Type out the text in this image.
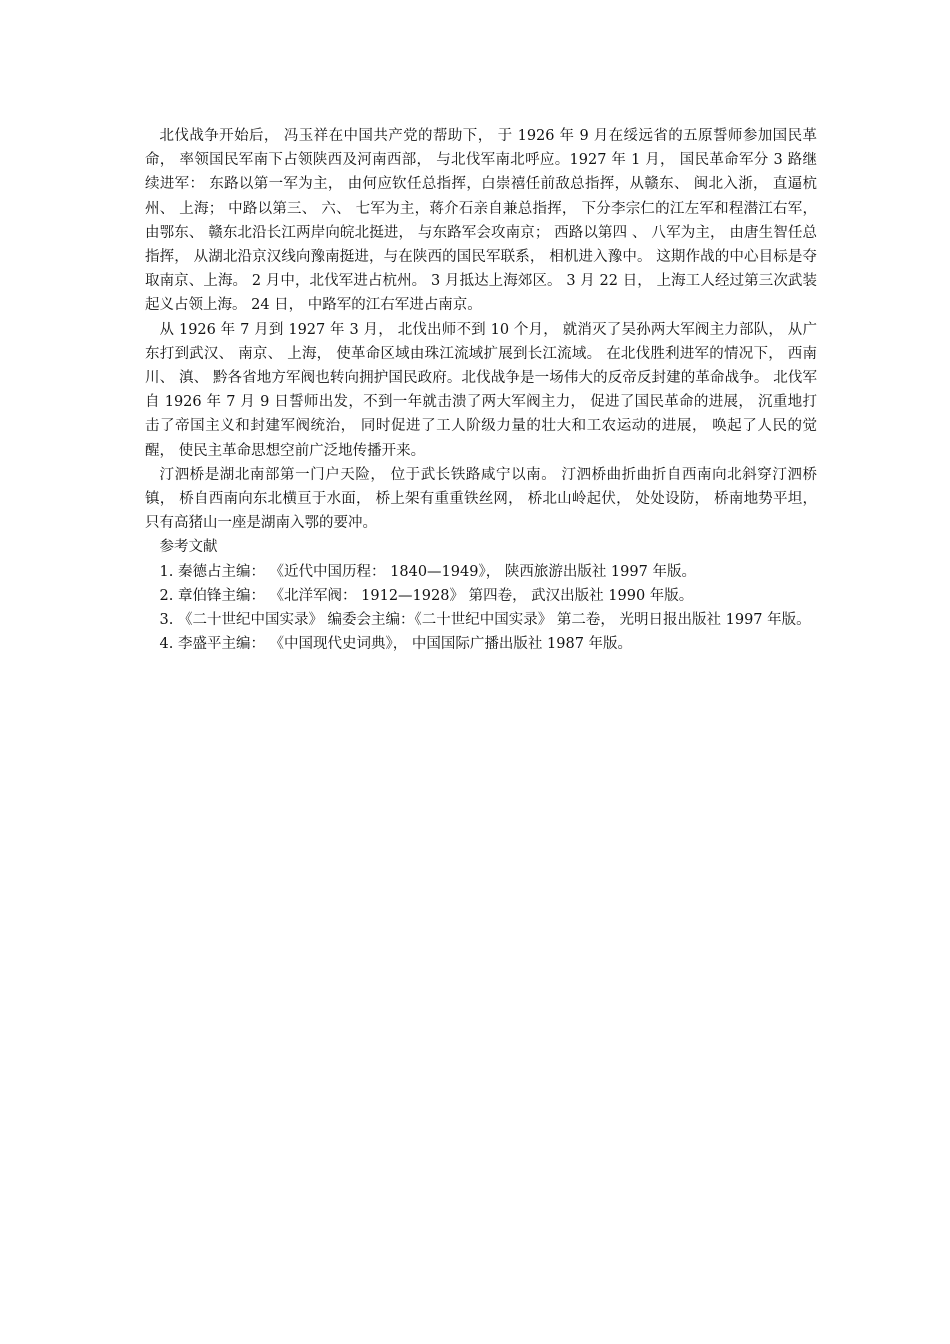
北伐战争开始后， 冯玉祥在中国共产党的帮助下， 于 1926 年 9 月在绥远省的五原誓师参加国民革命， 率领国民军南下占领陕西及河南西部， 与北伐军南北呼应。1927 年 1 月， 国民革命军分 3 路继续进军： 东路以第一军为主， 由何应钦任总指挥，白崇禧任前敌总指挥，从赣东、 闽北入浙， 直逼杭州、 上海； 中路以第三、 六、 七军为主，蒋介石亲自兼总指挥， 下分李宗仁的江左军和程潜江右军， 由鄂东、 赣东北沿长江两岸向皖北挺进， 与东路军会攻南京； 西路以第四 、 八军为主， 由唐生智任总指挥， 从湖北沿京汉线向豫南挺进，与在陕西的国民军联系， 相机进入豫中。 这期作战的中心目标是夺取南京、上海。 2 月中，北伐军进占杭州。 3 月抵达上海郊区。 3 月 22 日， 上海工人经过第三次武装起义占领上海。 24 日， 中路军的江右军进占南京。

从 1926 年 7 月到 1927 年 3 月， 北伐出师不到 10 个月， 就消灭了吴孙两大军阀主力部队， 从广东打到武汉、 南京、 上海， 使革命区域由珠江流域扩展到长江流域。 在北伐胜利进军的情况下， 西南川、 滇、 黔各省地方军阀也转向拥护国民政府。北伐战争是一场伟大的反帝反封建的革命战争。 北伐军自 1926 年 7 月 9 日誓师出发，不到一年就击溃了两大军阀主力， 促进了国民革命的进展， 沉重地打击了帝国主义和封建军阀统治， 同时促进了工人阶级力量的壮大和工农运动的进展， 唤起了人民的觉醒， 使民主革命思想空前广泛地传播开来。

汀泗桥是湖北南部第一门户天险， 位于武长铁路咸宁以南。 汀泗桥曲折曲折自西南向北斜穿汀泗桥镇， 桥自西南向东北横亘于水面， 桥上架有重重铁丝网， 桥北山岭起伏， 处处设防， 桥南地势平坦， 只有高猪山一座是湖南入鄂的要冲。

参考文献

1. 秦德占主编： 《近代中国历程： 1840—1949》， 陕西旅游出版社 1997 年版。

2. 章伯锋主编： 《北洋军阀： 1912—1928》 第四卷， 武汉出版社 1990 年版。

3. 《二十世纪中国实录》 编委会主编：《二十世纪中国实录》 第二卷， 光明日报出版社 1997 年版。

4. 李盛平主编： 《中国现代史词典》， 中国国际广播出版社 1987 年版。
